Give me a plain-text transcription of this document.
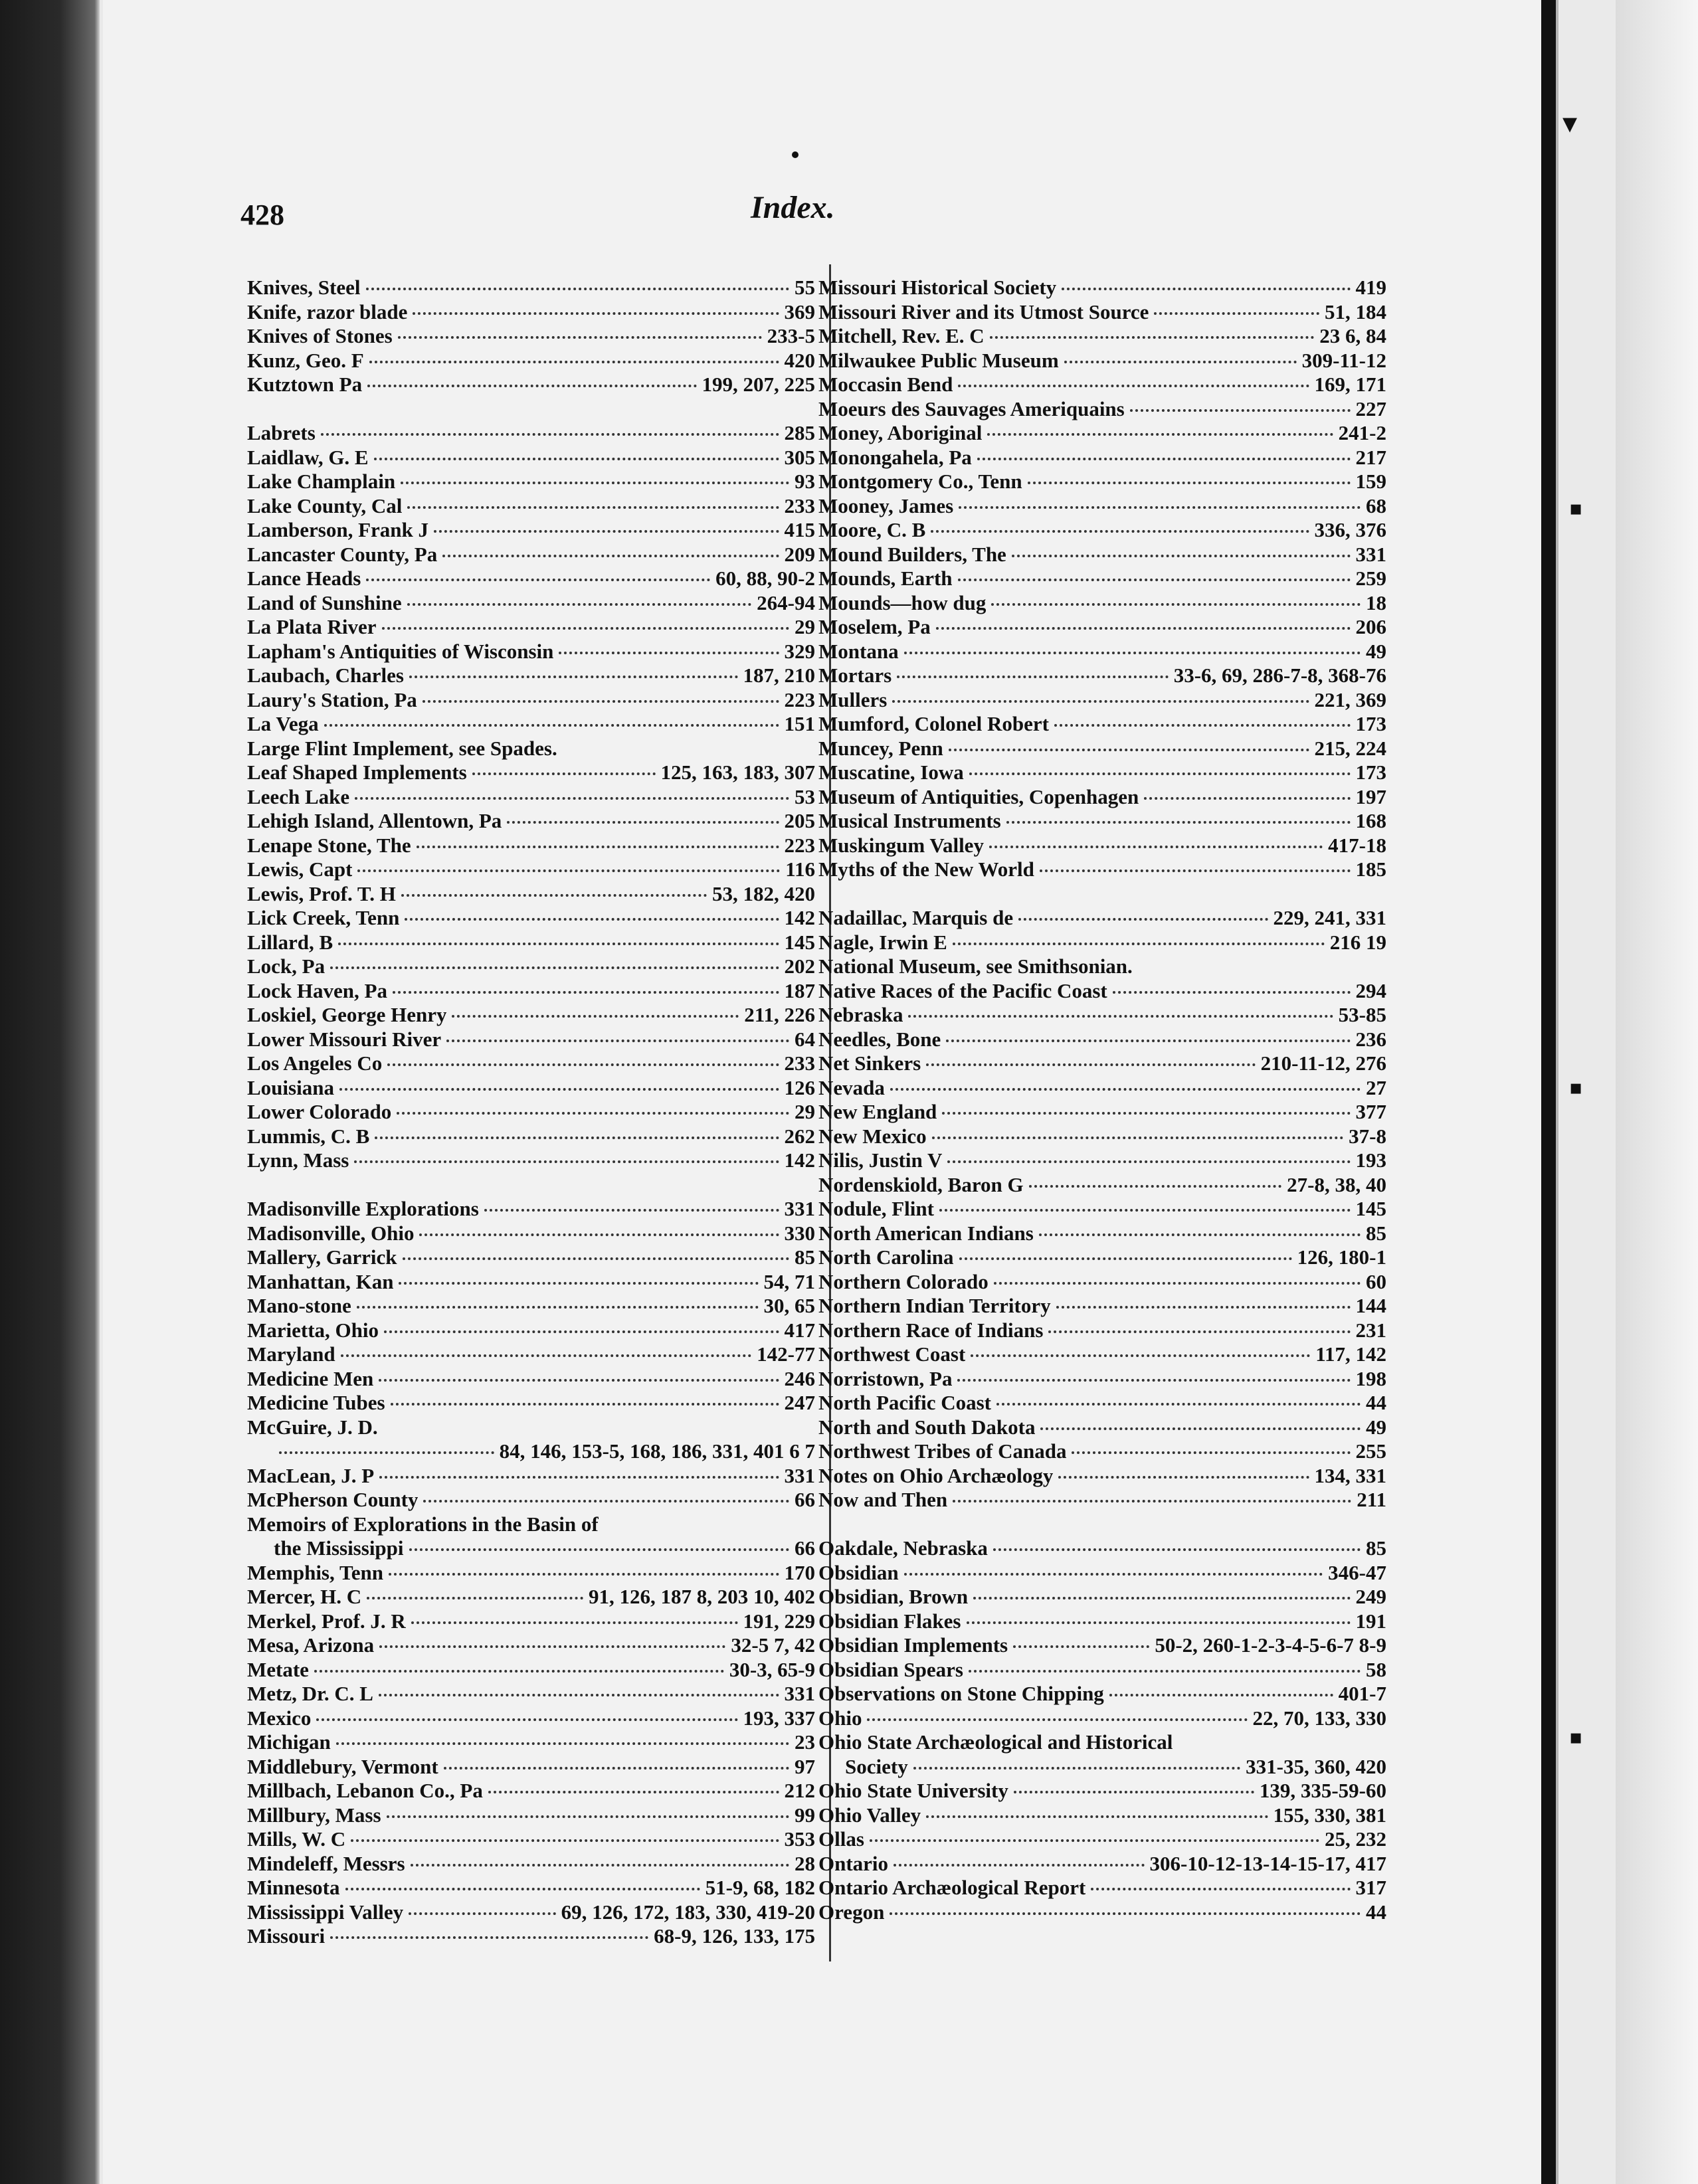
▾
▪
▪
▪
428	Index.
Knives, Steel	55
Knife, razor blade	369
Knives of Stones	233-5
Kunz, Geo. F	420
Kutztown Pa	199, 207, 225
Labrets	285
Laidlaw, G. E	305
Lake Champlain	93
Lake County, Cal	233
Lamberson, Frank J	415
Lancaster County, Pa	209
Lance Heads	60, 88, 90-2
Land of Sunshine	264-94
La Plata River	29
Lapham's Antiquities of Wisconsin	329
Laubach, Charles	187, 210
Laury's Station, Pa	223
La Vega	151
Large Flint Implement, see Spades.
Leaf Shaped Implements	125, 163, 183, 307
Leech Lake	53
Lehigh Island, Allentown, Pa	205
Lenape Stone, The	223
Lewis, Capt	116
Lewis, Prof. T. H	53, 182, 420
Lick Creek, Tenn	142
Lillard, B	145
Lock, Pa	202
Lock Haven, Pa	187
Loskiel, George Henry	211, 226
Lower Missouri River	64
Los Angeles Co	233
Louisiana	126
Lower Colorado	29
Lummis, C. B	262
Lynn, Mass	142
Madisonville Explorations	331
Madisonville, Ohio	330
Mallery, Garrick	85
Manhattan, Kan	54, 71
Mano-stone	30, 65
Marietta, Ohio	417
Maryland	142-77
Medicine Men	246
Medicine Tubes	247
McGuire, J. D.
84, 146, 153-5, 168, 186, 331, 401 6 7
MacLean, J. P	331
McPherson County	66
Memoirs of Explorations in the Basin of
the Mississippi	66
Memphis, Tenn	170
Mercer, H. C	91, 126, 187 8, 203 10, 402
Merkel, Prof. J. R	191, 229
Mesa, Arizona	32-5 7, 42
Metate	30-3, 65-9
Metz, Dr. C. L	331
Mexico	193, 337
Michigan	23
Middlebury, Vermont	97
Millbach, Lebanon Co., Pa	212
Millbury, Mass	99
Mills, W. C	353
Mindeleff, Messrs	28
Minnesota	51-9, 68, 182
Mississippi Valley	69, 126, 172, 183, 330, 419-20
Missouri	68-9, 126, 133, 175
Missouri Historical Society	419
Missouri River and its Utmost Source	51, 184
Mitchell, Rev. E. C	23 6, 84
Milwaukee Public Museum	309-11-12
Moccasin Bend	169, 171
Moeurs des Sauvages Ameriquains	227
Money, Aboriginal	241-2
Monongahela, Pa	217
Montgomery Co., Tenn	159
Mooney, James	68
Moore, C. B	336, 376
Mound Builders, The	331
Mounds, Earth	259
Mounds—how dug	18
Moselem, Pa	206
Montana	49
Mortars	33-6, 69, 286-7-8, 368-76
Mullers	221, 369
Mumford, Colonel Robert	173
Muncey, Penn	215, 224
Muscatine, Iowa	173
Museum of Antiquities, Copenhagen	197
Musical Instruments	168
Muskingum Valley	417-18
Myths of the New World	185
Nadaillac, Marquis de	229, 241, 331
Nagle, Irwin E	216 19
National Museum, see Smithsonian.
Native Races of the Pacific Coast	294
Nebraska	53-85
Needles, Bone	236
Net Sinkers	210-11-12, 276
Nevada	27
New England	377
New Mexico	37-8
Nilis, Justin V	193
Nordenskiold, Baron G	27-8, 38, 40
Nodule, Flint	145
North American Indians	85
North Carolina	126, 180-1
Northern Colorado	60
Northern Indian Territory	144
Northern Race of Indians	231
Northwest Coast	117, 142
Norristown, Pa	198
North Pacific Coast	44
North and South Dakota	49
Northwest Tribes of Canada	255
Notes on Ohio Archæology	134, 331
Now and Then	211
Oakdale, Nebraska	85
Obsidian	346-47
Obsidian, Brown	249
Obsidian Flakes	191
Obsidian Implements	50-2, 260-1-2-3-4-5-6-7 8-9
Obsidian Spears	58
Observations on Stone Chipping	401-7
Ohio	22, 70, 133, 330
Ohio State Archæological and Historical
Society	331-35, 360, 420
Ohio State University	139, 335-59-60
Ohio Valley	155, 330, 381
Ollas	25, 232
Ontario	306-10-12-13-14-15-17, 417
Ontario Archæological Report	317
Oregon	44
